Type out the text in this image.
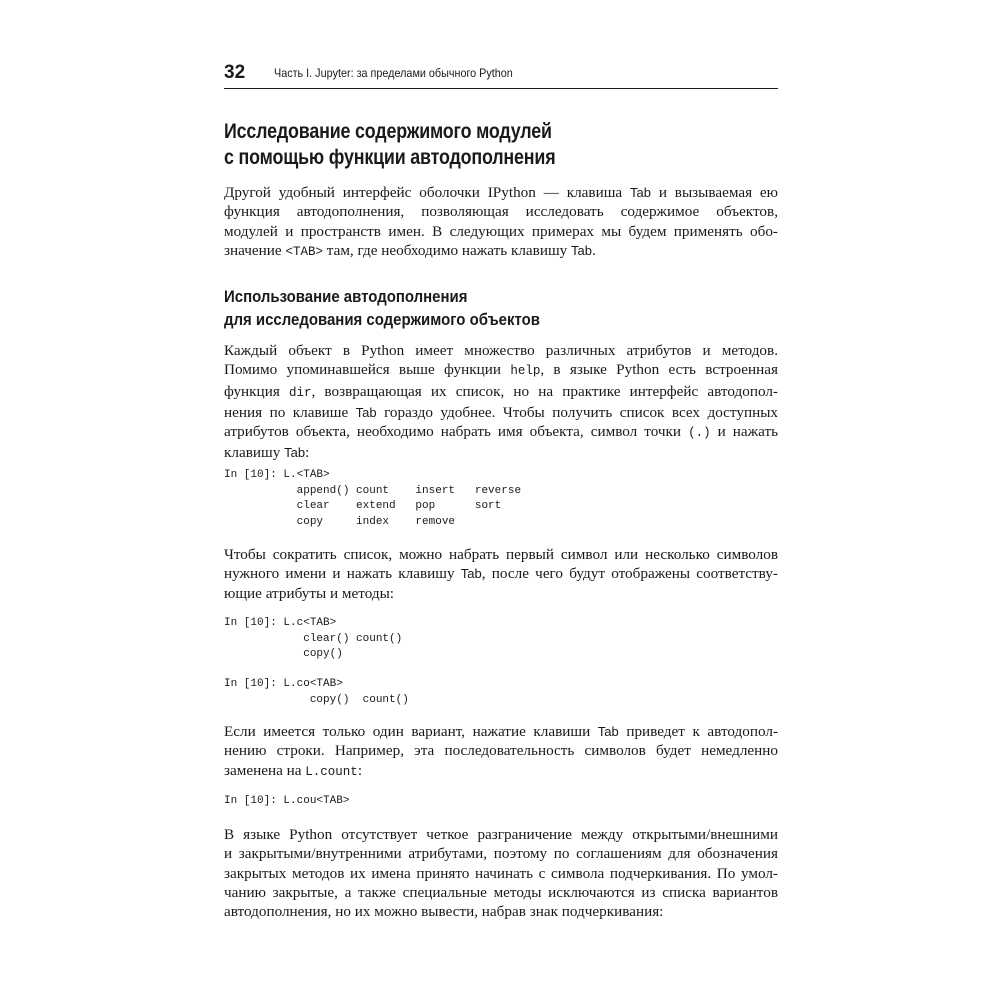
32 Часть I. Jupyter: за пределами обычного Python
Исследование содержимого модулей
с помощью функции автодополнения
Другой удобный интерфейс оболочки IPython — клавиша Tab и вызываемая ею
функция автодополнения, позволяющая исследовать содержимое объектов,
модулей и пространств имен. В следующих примерах мы будем применять обо-
значение <TAB> там, где необходимо нажать клавишу Tab.
Использование автодополнения
для исследования содержимого объектов
Каждый объект в Python имеет множество различных атрибутов и методов.
Помимо упоминавшейся выше функции help, в языке Python есть встроенная
функция dir, возвращающая их список, но на практике интерфейс автодопол-
нения по клавише Tab гораздо удобнее. Чтобы получить список всех доступных
атрибутов объекта, необходимо набрать имя объекта, символ точки (.) и нажать
клавишу Tab:
In [10]: L.<TAB>
append() count    insert   reverse
clear    extend   pop      sort
copy     index    remove
Чтобы сократить список, можно набрать первый символ или несколько символов
нужного имени и нажать клавишу Tab, после чего будут отображены соответству-
ющие атрибуты и методы:
In [10]: L.c<TAB>
clear() count()
copy()
In [10]: L.co<TAB>
copy()  count()
Если имеется только один вариант, нажатие клавиши Tab приведет к автодопол-
нению строки. Например, эта последовательность символов будет немедленно
заменена на L.count:
In [10]: L.cou<TAB>
В языке Python отсутствует четкое разграничение между открытыми/внешними
и закрытыми/внутренними атрибутами, поэтому по соглашениям для обозначения
закрытых методов их имена принято начинать с символа подчеркивания. По умол-
чанию закрытые, а также специальные методы исключаются из списка вариантов
автодополнения, но их можно вывести, набрав знак подчеркивания:
